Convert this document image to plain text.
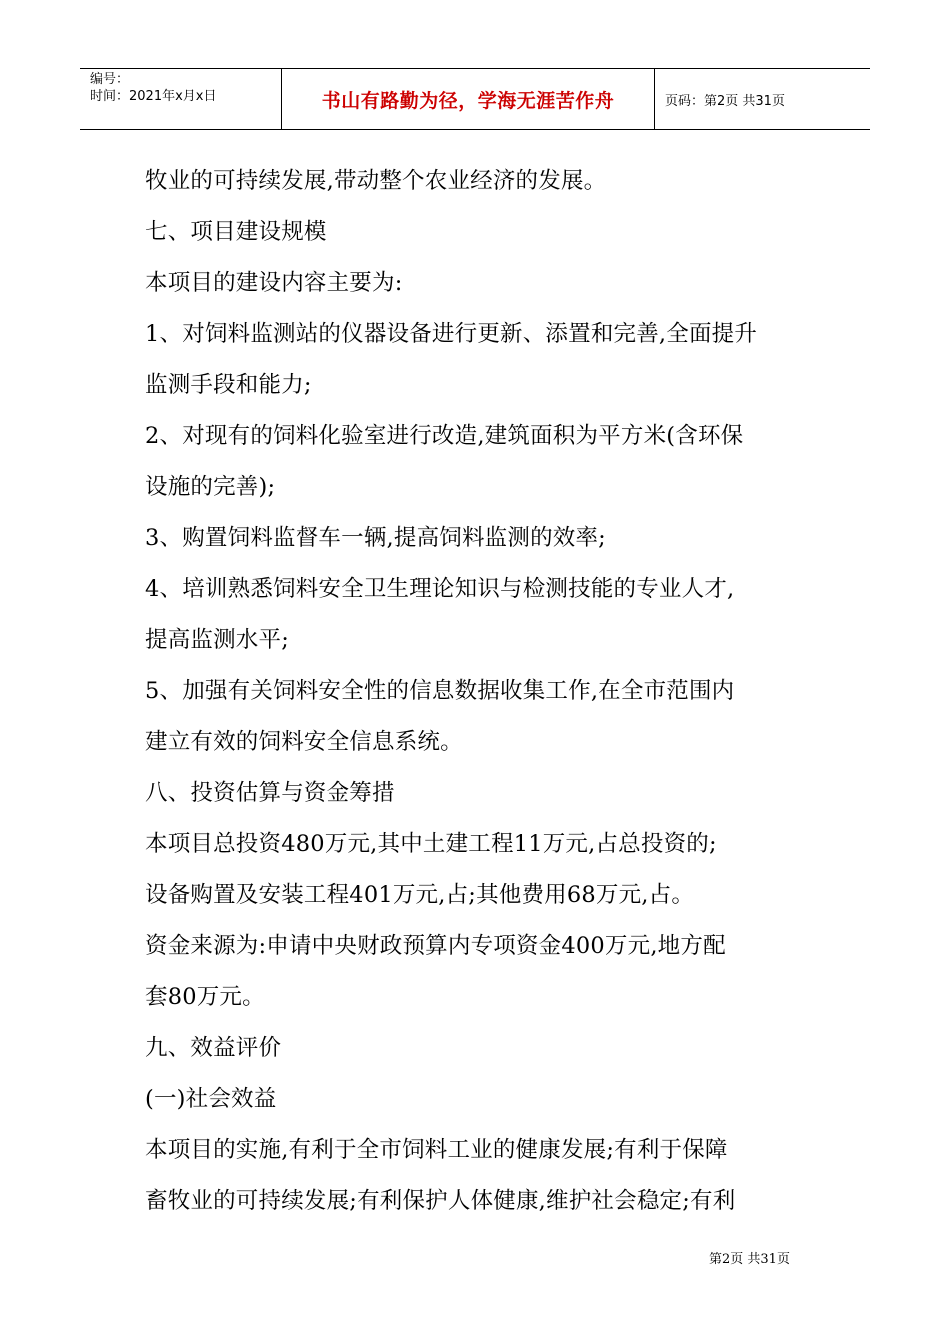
编号：
时间：2021年x月x日	书山有路勤为径，学海无涯苦作舟	页码：第2页 共31页
牧业的可持续发展,带动整个农业经济的发展。
七、项目建设规模
本项目的建设内容主要为:
1、对饲料监测站的仪器设备进行更新、添置和完善,全面提升
监测手段和能力;
2、对现有的饲料化验室进行改造,建筑面积为平方米(含环保
设施的完善);
3、购置饲料监督车一辆,提高饲料监测的效率;
4、培训熟悉饲料安全卫生理论知识与检测技能的专业人才,
提高监测水平;
5、加强有关饲料安全性的信息数据收集工作,在全市范围内
建立有效的饲料安全信息系统。
八、投资估算与资金筹措
本项目总投资480万元,其中土建工程11万元,占总投资的;
设备购置及安装工程401万元,占;其他费用68万元,占。
资金来源为:申请中央财政预算内专项资金400万元,地方配
套80万元。
九、效益评价
(一)社会效益
本项目的实施,有利于全市饲料工业的健康发展;有利于保障
畜牧业的可持续发展;有利保护人体健康,维护社会稳定;有利
第2页 共31页
